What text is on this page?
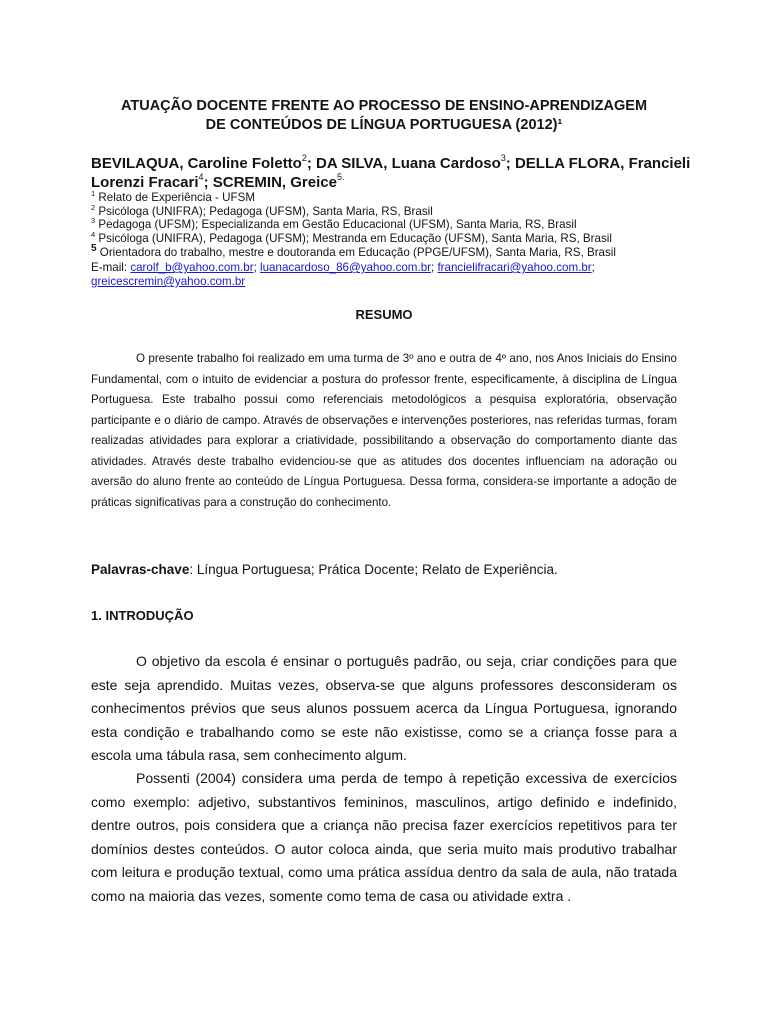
ATUAÇÃO DOCENTE FRENTE AO PROCESSO DE ENSINO-APRENDIZAGEM
DE CONTEÚDOS DE LÍNGUA PORTUGUESA (2012)¹

BEVILAQUA, Caroline Foletto$^2$; DA SILVA, Luana Cardoso$^3$; DELLA FLORA, Francieli Lorenzi Fracari$^4$; SCREMIN, Greice$^{5.}$

$^1$ Relato de Experiência - UFSM
$^2$ Psicóloga (UNIFRA); Pedagoga (UFSM), Santa Maria, RS, Brasil
$^3$ Pedagoga (UFSM); Especializanda em Gestão Educacional (UFSM), Santa Maria, RS, Brasil
$^4$ Psicóloga (UNIFRA), Pedagoga (UFSM); Mestranda em Educação (UFSM), Santa Maria, RS, Brasil
$^5$ Orientadora do trabalho, mestre e doutoranda em Educação (PPGE/UFSM), Santa Maria, RS, Brasil
E-mail: carolf_b@yahoo.com.br; luanacardoso_86@yahoo.com.br; francielifracari@yahoo.com.br;
greicescremin@yahoo.com.br
RESUMO

O presente trabalho foi realizado em uma turma de 3º ano e outra de 4º ano, nos Anos Iniciais do Ensino Fundamental, com o intuito de evidenciar a postura do professor frente, especificamente, à disciplina de Língua Portuguesa. Este trabalho possui como referenciais metodológicos a pesquisa exploratória, observação participante e o diário de campo. Através de observações e intervenções posteriores, nas referidas turmas, foram realizadas atividades para explorar a criatividade, possibilitando a observação do comportamento diante das atividades. Através deste trabalho evidenciou-se que as atitudes dos docentes influenciam na adoração ou aversão do aluno frente ao conteúdo de Língua Portuguesa. Dessa forma, considera-se importante a adoção de práticas significativas para a construção do conhecimento.

Palavras-chave: Língua Portuguesa; Prática Docente; Relato de Experiência.

1. INTRODUÇÃO

O objetivo da escola é ensinar o português padrão, ou seja, criar condições para que este seja aprendido. Muitas vezes, observa-se que alguns professores desconsideram os conhecimentos prévios que seus alunos possuem acerca da Língua Portuguesa, ignorando esta condição e trabalhando como se este não existisse, como se a criança fosse para a escola uma tábula rasa, sem conhecimento algum.

Possenti (2004) considera uma perda de tempo à repetição excessiva de exercícios como exemplo: adjetivo, substantivos femininos, masculinos, artigo definido e indefinido, dentre outros, pois considera que a criança não precisa fazer exercícios repetitivos para ter domínios destes conteúdos. O autor coloca ainda, que seria muito mais produtivo trabalhar com leitura e produção textual, como uma prática assídua dentro da sala de aula, não tratada como na maioria das vezes, somente como tema de casa ou atividade extra .
